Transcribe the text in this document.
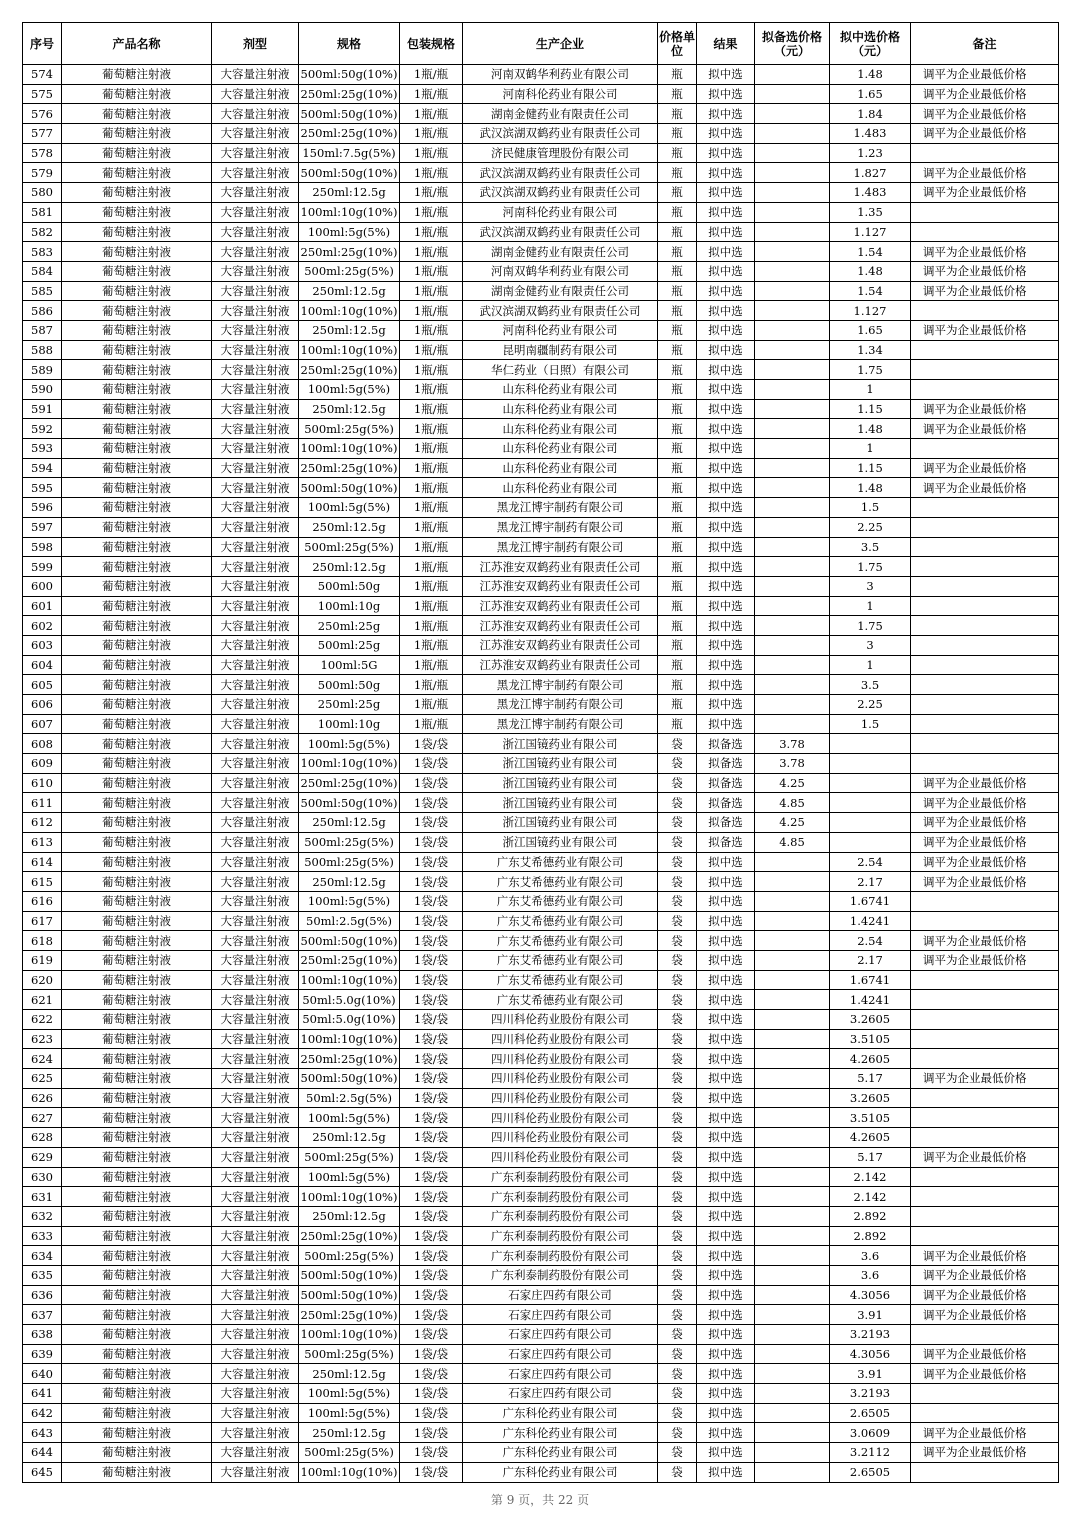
序号	产品名称	剂型	规格	包装规格	生产企业	价格单位	结果	拟备选价格（元）	拟中选价格（元）	备注
574	葡萄糖注射液	大容量注射液	500ml:50g(10%)	1瓶/瓶	河南双鹤华利药业有限公司	瓶	拟中选		1.48	调平为企业最低价格
575	葡萄糖注射液	大容量注射液	250ml:25g(10%)	1瓶/瓶	河南科伦药业有限公司	瓶	拟中选		1.65	调平为企业最低价格
576	葡萄糖注射液	大容量注射液	500ml:50g(10%)	1瓶/瓶	湖南金健药业有限责任公司	瓶	拟中选		1.84	调平为企业最低价格
577	葡萄糖注射液	大容量注射液	250ml:25g(10%)	1瓶/瓶	武汉滨湖双鹤药业有限责任公司	瓶	拟中选		1.483	调平为企业最低价格
578	葡萄糖注射液	大容量注射液	150ml:7.5g(5%)	1瓶/瓶	济民健康管理股份有限公司	瓶	拟中选		1.23	
579	葡萄糖注射液	大容量注射液	500ml:50g(10%)	1瓶/瓶	武汉滨湖双鹤药业有限责任公司	瓶	拟中选		1.827	调平为企业最低价格
580	葡萄糖注射液	大容量注射液	250ml:12.5g	1瓶/瓶	武汉滨湖双鹤药业有限责任公司	瓶	拟中选		1.483	调平为企业最低价格
581	葡萄糖注射液	大容量注射液	100ml:10g(10%)	1瓶/瓶	河南科伦药业有限公司	瓶	拟中选		1.35	
582	葡萄糖注射液	大容量注射液	100ml:5g(5%)	1瓶/瓶	武汉滨湖双鹤药业有限责任公司	瓶	拟中选		1.127	
583	葡萄糖注射液	大容量注射液	250ml:25g(10%)	1瓶/瓶	湖南金健药业有限责任公司	瓶	拟中选		1.54	调平为企业最低价格
584	葡萄糖注射液	大容量注射液	500ml:25g(5%)	1瓶/瓶	河南双鹤华利药业有限公司	瓶	拟中选		1.48	调平为企业最低价格
585	葡萄糖注射液	大容量注射液	250ml:12.5g	1瓶/瓶	湖南金健药业有限责任公司	瓶	拟中选		1.54	调平为企业最低价格
586	葡萄糖注射液	大容量注射液	100ml:10g(10%)	1瓶/瓶	武汉滨湖双鹤药业有限责任公司	瓶	拟中选		1.127	
587	葡萄糖注射液	大容量注射液	250ml:12.5g	1瓶/瓶	河南科伦药业有限公司	瓶	拟中选		1.65	调平为企业最低价格
588	葡萄糖注射液	大容量注射液	100ml:10g(10%)	1瓶/瓶	昆明南疆制药有限公司	瓶	拟中选		1.34	
589	葡萄糖注射液	大容量注射液	250ml:25g(10%)	1瓶/瓶	华仁药业（日照）有限公司	瓶	拟中选		1.75	
590	葡萄糖注射液	大容量注射液	100ml:5g(5%)	1瓶/瓶	山东科伦药业有限公司	瓶	拟中选		1	
591	葡萄糖注射液	大容量注射液	250ml:12.5g	1瓶/瓶	山东科伦药业有限公司	瓶	拟中选		1.15	调平为企业最低价格
592	葡萄糖注射液	大容量注射液	500ml:25g(5%)	1瓶/瓶	山东科伦药业有限公司	瓶	拟中选		1.48	调平为企业最低价格
593	葡萄糖注射液	大容量注射液	100ml:10g(10%)	1瓶/瓶	山东科伦药业有限公司	瓶	拟中选		1	
594	葡萄糖注射液	大容量注射液	250ml:25g(10%)	1瓶/瓶	山东科伦药业有限公司	瓶	拟中选		1.15	调平为企业最低价格
595	葡萄糖注射液	大容量注射液	500ml:50g(10%)	1瓶/瓶	山东科伦药业有限公司	瓶	拟中选		1.48	调平为企业最低价格
596	葡萄糖注射液	大容量注射液	100ml:5g(5%)	1瓶/瓶	黑龙江博宇制药有限公司	瓶	拟中选		1.5	
597	葡萄糖注射液	大容量注射液	250ml:12.5g	1瓶/瓶	黑龙江博宇制药有限公司	瓶	拟中选		2.25	
598	葡萄糖注射液	大容量注射液	500ml:25g(5%)	1瓶/瓶	黑龙江博宇制药有限公司	瓶	拟中选		3.5	
599	葡萄糖注射液	大容量注射液	250ml:12.5g	1瓶/瓶	江苏淮安双鹤药业有限责任公司	瓶	拟中选		1.75	
600	葡萄糖注射液	大容量注射液	500ml:50g	1瓶/瓶	江苏淮安双鹤药业有限责任公司	瓶	拟中选		3	
601	葡萄糖注射液	大容量注射液	100ml:10g	1瓶/瓶	江苏淮安双鹤药业有限责任公司	瓶	拟中选		1	
602	葡萄糖注射液	大容量注射液	250ml:25g	1瓶/瓶	江苏淮安双鹤药业有限责任公司	瓶	拟中选		1.75	
603	葡萄糖注射液	大容量注射液	500ml:25g	1瓶/瓶	江苏淮安双鹤药业有限责任公司	瓶	拟中选		3	
604	葡萄糖注射液	大容量注射液	100ml:5G	1瓶/瓶	江苏淮安双鹤药业有限责任公司	瓶	拟中选		1	
605	葡萄糖注射液	大容量注射液	500ml:50g	1瓶/瓶	黑龙江博宇制药有限公司	瓶	拟中选		3.5	
606	葡萄糖注射液	大容量注射液	250ml:25g	1瓶/瓶	黑龙江博宇制药有限公司	瓶	拟中选		2.25	
607	葡萄糖注射液	大容量注射液	100ml:10g	1瓶/瓶	黑龙江博宇制药有限公司	瓶	拟中选		1.5	
608	葡萄糖注射液	大容量注射液	100ml:5g(5%)	1袋/袋	浙江国镜药业有限公司	袋	拟备选	3.78		
609	葡萄糖注射液	大容量注射液	100ml:10g(10%)	1袋/袋	浙江国镜药业有限公司	袋	拟备选	3.78		
610	葡萄糖注射液	大容量注射液	250ml:25g(10%)	1袋/袋	浙江国镜药业有限公司	袋	拟备选	4.25		调平为企业最低价格
611	葡萄糖注射液	大容量注射液	500ml:50g(10%)	1袋/袋	浙江国镜药业有限公司	袋	拟备选	4.85		调平为企业最低价格
612	葡萄糖注射液	大容量注射液	250ml:12.5g	1袋/袋	浙江国镜药业有限公司	袋	拟备选	4.25		调平为企业最低价格
613	葡萄糖注射液	大容量注射液	500ml:25g(5%)	1袋/袋	浙江国镜药业有限公司	袋	拟备选	4.85		调平为企业最低价格
614	葡萄糖注射液	大容量注射液	500ml:25g(5%)	1袋/袋	广东艾希德药业有限公司	袋	拟中选		2.54	调平为企业最低价格
615	葡萄糖注射液	大容量注射液	250ml:12.5g	1袋/袋	广东艾希德药业有限公司	袋	拟中选		2.17	调平为企业最低价格
616	葡萄糖注射液	大容量注射液	100ml:5g(5%)	1袋/袋	广东艾希德药业有限公司	袋	拟中选		1.6741	
617	葡萄糖注射液	大容量注射液	50ml:2.5g(5%)	1袋/袋	广东艾希德药业有限公司	袋	拟中选		1.4241	
618	葡萄糖注射液	大容量注射液	500ml:50g(10%)	1袋/袋	广东艾希德药业有限公司	袋	拟中选		2.54	调平为企业最低价格
619	葡萄糖注射液	大容量注射液	250ml:25g(10%)	1袋/袋	广东艾希德药业有限公司	袋	拟中选		2.17	调平为企业最低价格
620	葡萄糖注射液	大容量注射液	100ml:10g(10%)	1袋/袋	广东艾希德药业有限公司	袋	拟中选		1.6741	
621	葡萄糖注射液	大容量注射液	50ml:5.0g(10%)	1袋/袋	广东艾希德药业有限公司	袋	拟中选		1.4241	
622	葡萄糖注射液	大容量注射液	50ml:5.0g(10%)	1袋/袋	四川科伦药业股份有限公司	袋	拟中选		3.2605	
623	葡萄糖注射液	大容量注射液	100ml:10g(10%)	1袋/袋	四川科伦药业股份有限公司	袋	拟中选		3.5105	
624	葡萄糖注射液	大容量注射液	250ml:25g(10%)	1袋/袋	四川科伦药业股份有限公司	袋	拟中选		4.2605	
625	葡萄糖注射液	大容量注射液	500ml:50g(10%)	1袋/袋	四川科伦药业股份有限公司	袋	拟中选		5.17	调平为企业最低价格
626	葡萄糖注射液	大容量注射液	50ml:2.5g(5%)	1袋/袋	四川科伦药业股份有限公司	袋	拟中选		3.2605	
627	葡萄糖注射液	大容量注射液	100ml:5g(5%)	1袋/袋	四川科伦药业股份有限公司	袋	拟中选		3.5105	
628	葡萄糖注射液	大容量注射液	250ml:12.5g	1袋/袋	四川科伦药业股份有限公司	袋	拟中选		4.2605	
629	葡萄糖注射液	大容量注射液	500ml:25g(5%)	1袋/袋	四川科伦药业股份有限公司	袋	拟中选		5.17	调平为企业最低价格
630	葡萄糖注射液	大容量注射液	100ml:5g(5%)	1袋/袋	广东利泰制药股份有限公司	袋	拟中选		2.142	
631	葡萄糖注射液	大容量注射液	100ml:10g(10%)	1袋/袋	广东利泰制药股份有限公司	袋	拟中选		2.142	
632	葡萄糖注射液	大容量注射液	250ml:12.5g	1袋/袋	广东利泰制药股份有限公司	袋	拟中选		2.892	
633	葡萄糖注射液	大容量注射液	250ml:25g(10%)	1袋/袋	广东利泰制药股份有限公司	袋	拟中选		2.892	
634	葡萄糖注射液	大容量注射液	500ml:25g(5%)	1袋/袋	广东利泰制药股份有限公司	袋	拟中选		3.6	调平为企业最低价格
635	葡萄糖注射液	大容量注射液	500ml:50g(10%)	1袋/袋	广东利泰制药股份有限公司	袋	拟中选		3.6	调平为企业最低价格
636	葡萄糖注射液	大容量注射液	500ml:50g(10%)	1袋/袋	石家庄四药有限公司	袋	拟中选		4.3056	调平为企业最低价格
637	葡萄糖注射液	大容量注射液	250ml:25g(10%)	1袋/袋	石家庄四药有限公司	袋	拟中选		3.91	调平为企业最低价格
638	葡萄糖注射液	大容量注射液	100ml:10g(10%)	1袋/袋	石家庄四药有限公司	袋	拟中选		3.2193	
639	葡萄糖注射液	大容量注射液	500ml:25g(5%)	1袋/袋	石家庄四药有限公司	袋	拟中选		4.3056	调平为企业最低价格
640	葡萄糖注射液	大容量注射液	250ml:12.5g	1袋/袋	石家庄四药有限公司	袋	拟中选		3.91	调平为企业最低价格
641	葡萄糖注射液	大容量注射液	100ml:5g(5%)	1袋/袋	石家庄四药有限公司	袋	拟中选		3.2193	
642	葡萄糖注射液	大容量注射液	100ml:5g(5%)	1袋/袋	广东科伦药业有限公司	袋	拟中选		2.6505	
643	葡萄糖注射液	大容量注射液	250ml:12.5g	1袋/袋	广东科伦药业有限公司	袋	拟中选		3.0609	调平为企业最低价格
644	葡萄糖注射液	大容量注射液	500ml:25g(5%)	1袋/袋	广东科伦药业有限公司	袋	拟中选		3.2112	调平为企业最低价格
645	葡萄糖注射液	大容量注射液	100ml:10g(10%)	1袋/袋	广东科伦药业有限公司	袋	拟中选		2.6505	
第 9 页，共 22 页
